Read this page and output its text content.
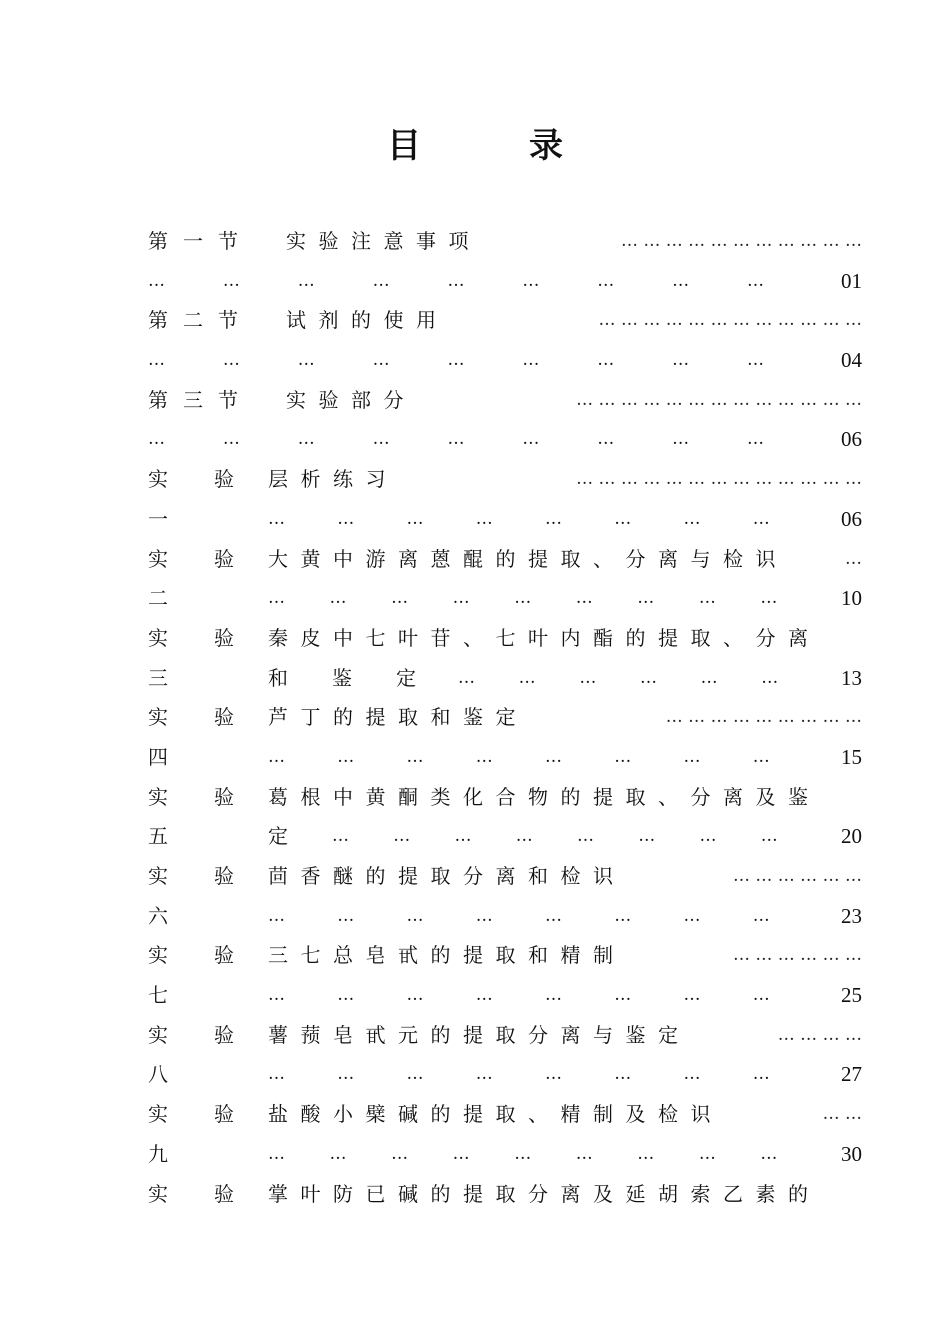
目	录
第 一 节 实验注意事项	… … … … … … … … … … …
…	…	…	…	…	…	…	…	…	01
第 二 节 试剂的使用	… … … … … … … … … … … …
…	…	…	…	…	…	…	…	…	04
第 三 节 实验部分	… … … … … … … … … … … … …
…	…	…	…	…	…	…	…	…	06
实 验 层析练习	… … … … … … … … … … … … …
一	…	…	…	…	…	…	…	…	06
实 验 大黄中游离蒽醌的提取、分离与检识	…
二	…	…	…	…	…	…	…	…	…	10
实 验 秦皮中七叶苷、七叶内酯的提取、分离
三	和 鉴 定 …	…	…	…	…	…	13
实 验 芦丁的提取和鉴定	… … … … … … … … …
四	…	…	…	…	…	…	…	…	15
实 验 葛根中黄酮类化合物的提取、分离及鉴
五	定	…	…	…	…	…	…	…	…	20
实 验 茴香醚的提取分离和检识	… … … … … …
六	…	…	…	…	…	…	…	…	23
实 验 三七总皂甙的提取和精制	… … … … … …
七	…	…	…	…	…	…	…	…	25
实 验 薯蓣皂甙元的提取分离与鉴定	… … … …
八	…	…	…	…	…	…	…	…	27
实 验 盐酸小檗碱的提取、精制及检识	… …
九	…	…	…	…	…	…	…	…	…	30
实 验 掌叶防已碱的提取分离及延胡索乙素的
